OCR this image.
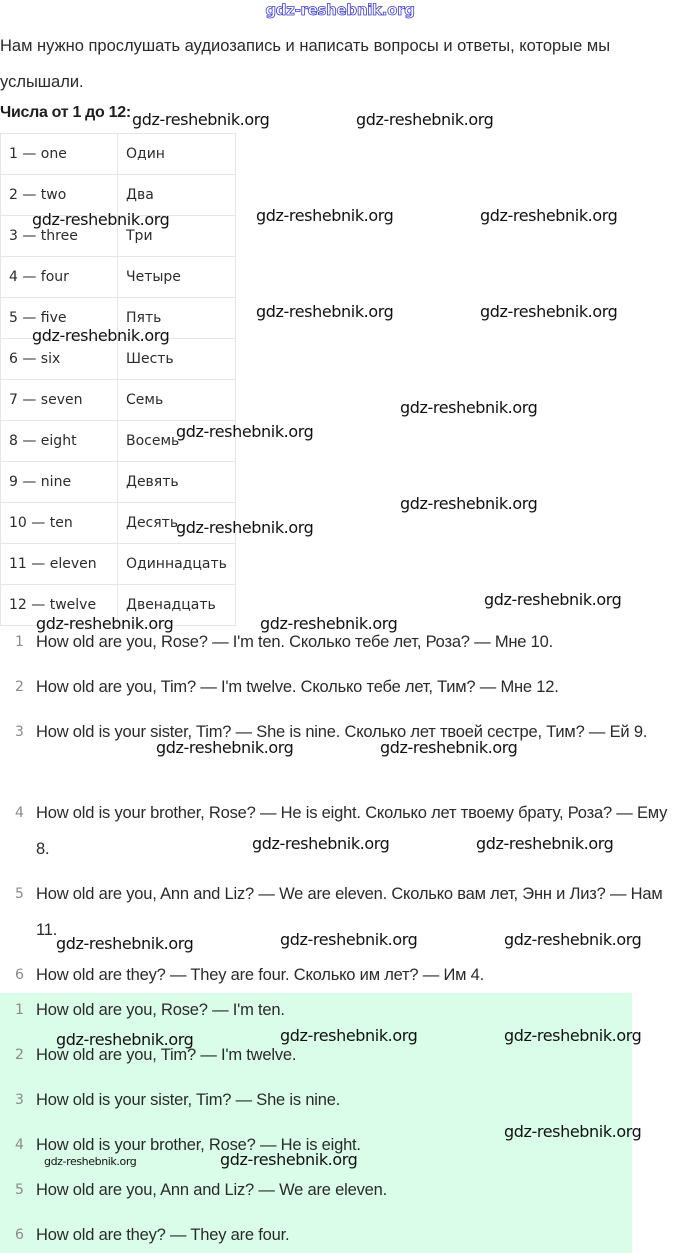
gdz-reshebnik.org
Нам нужно прослушать аудиозапись и написать вопросы и ответы, которые мы услышали.
Числа от 1 до 12:
1 — one	Один
2 — two	Два
3 — three	Три
4 — four	Четыре
5 — five	Пять
6 — six	Шесть
7 — seven	Семь
8 — eight	Восемь
9 — nine	Девять
10 — ten	Десять
11 — eleven	Одиннадцать
12 — twelve	Двенадцать
1 How old are you, Rose? — I'm ten. Сколько тебе лет, Роза? — Мне 10.
2 How old are you, Tim? — I'm twelve. Сколько тебе лет, Тим? — Мне 12.
3 How old is your sister, Tim? — She is nine. Сколько лет твоей сестре, Тим? — Ей 9.
4 How old is your brother, Rose? — He is eight. Сколько лет твоему брату, Роза? — Ему 8.
5 How old are you, Ann and Liz? — We are eleven. Сколько вам лет, Энн и Лиз? — Нам 11.
6 How old are they? — They are four. Сколько им лет? — Им 4.
1 How old are you, Rose? — I'm ten.
2 How old are you, Tim? — I'm twelve.
3 How old is your sister, Tim? — She is nine.
4 How old is your brother, Rose? — He is eight.
5 How old are you, Ann and Liz? — We are eleven.
6 How old are they? — They are four.
gdz-reshebnik.org	gdz-reshebnik.org
gdz-reshebnik.org	gdz-reshebnik.org	gdz-reshebnik.org
gdz-reshebnik.org	gdz-reshebnik.org
gdz-reshebnik.org
gdz-reshebnik.org
gdz-reshebnik.org
gdz-reshebnik.org
gdz-reshebnik.org
gdz-reshebnik.org
gdz-reshebnik.org	gdz-reshebnik.org
gdz-reshebnik.org	gdz-reshebnik.org
gdz-reshebnik.org	gdz-reshebnik.org
gdz-reshebnik.org	gdz-reshebnik.org	gdz-reshebnik.org
gdz-reshebnik.org	gdz-reshebnik.org	gdz-reshebnik.org
gdz-reshebnik.org
gdz-reshebnik.org	gdz-reshebnik.org
